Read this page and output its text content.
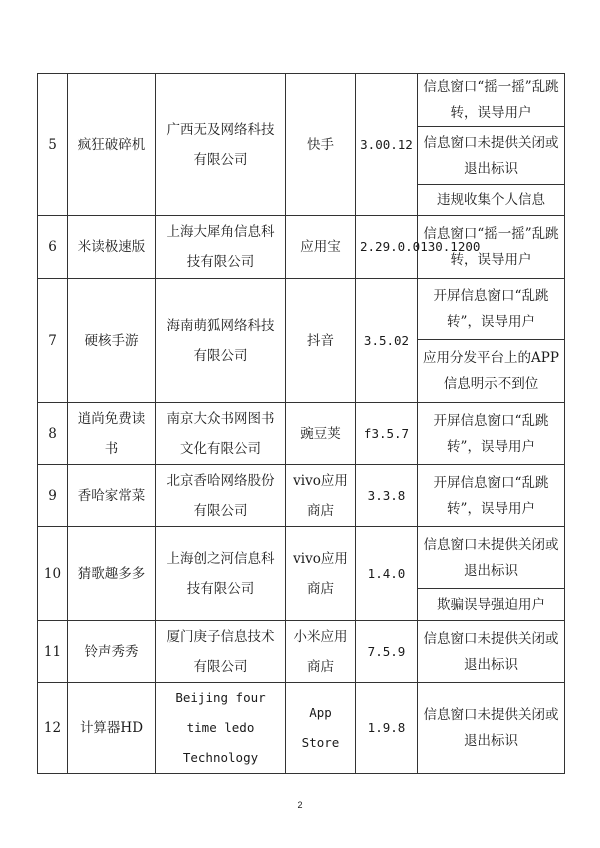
5	疯狂破碎机	广西无及网络科技有限公司	快手	3.00.12	信息窗口“摇一摇”乱跳转，误导用户
					信息窗口未提供关闭或退出标识
					违规收集个人信息
6	米读极速版	上海大犀角信息科技有限公司	应用宝	2.29.0.0130.1200	信息窗口“摇一摇”乱跳转，误导用户
7	硬核手游	海南萌狐网络科技有限公司	抖音	3.5.02	开屏信息窗口“乱跳转”，误导用户
					应用分发平台上的APP信息明示不到位
8	逍尚免费读书	南京大众书网图书文化有限公司	豌豆荚	f3.5.7	开屏信息窗口“乱跳转”，误导用户
9	香哈家常菜	北京香哈网络股份有限公司	vivo应用商店	3.3.8	开屏信息窗口“乱跳转”，误导用户
10	猜歌趣多多	上海创之河信息科技有限公司	vivo应用商店	1.4.0	信息窗口未提供关闭或退出标识
					欺骗误导强迫用户
11	铃声秀秀	厦门庚子信息技术有限公司	小米应用商店	7.5.9	信息窗口未提供关闭或退出标识
12	计算器HD	Beijing four time ledo Technology	App Store	1.9.8	信息窗口未提供关闭或退出标识
2
